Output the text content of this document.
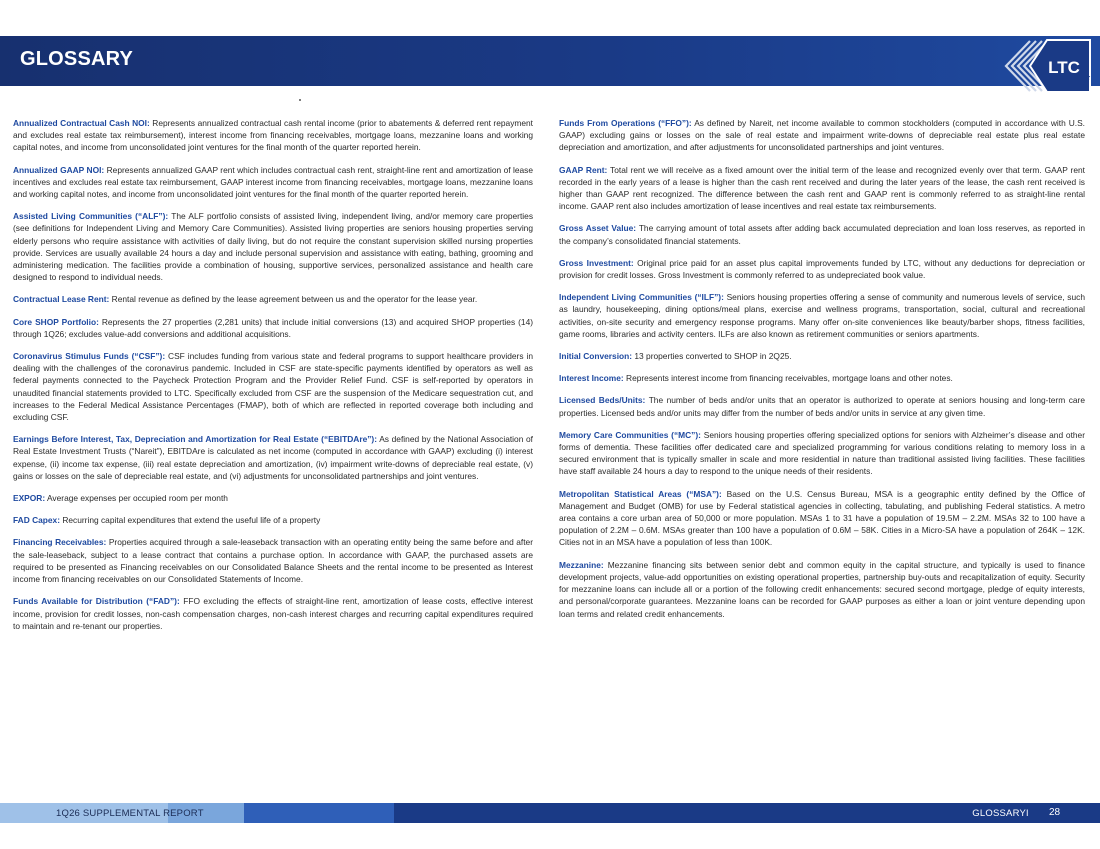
GLOSSARY	LTC
REIT
Annualized Contractual Cash NOI: Represents annualized contractual cash rental income (prior to abatements & deferred rent repayment and excludes real estate tax reimbursement), interest income from financing receivables, mortgage loans, mezzanine loans and working capital notes, and income from unconsolidated joint ventures for the final month of the quarter reported herein.
Annualized GAAP NOI: Represents annualized GAAP rent which includes contractual cash rent, straight-line rent and amortization of lease incentives and excludes real estate tax reimbursement, GAAP interest income from financing receivables, mortgage loans, mezzanine loans and working capital notes, and income from unconsolidated joint ventures for the final month of the quarter reported herein.
Assisted Living Communities (“ALF”): The ALF portfolio consists of assisted living, independent living, and/or memory care properties (see definitions for Independent Living and Memory Care Communities). Assisted living properties are seniors housing properties serving elderly persons who require assistance with activities of daily living, but do not require the constant supervision skilled nursing properties provide. Services are usually available 24 hours a day and include personal supervision and assistance with eating, bathing, grooming and administering medication. The facilities provide a combination of housing, supportive services, personalized assistance and health care designed to respond to individual needs.
Contractual Lease Rent: Rental revenue as defined by the lease agreement between us and the operator for the lease year.
Core SHOP Portfolio: Represents the 27 properties (2,281 units) that include initial conversions (13) and acquired SHOP properties (14) through 1Q26; excludes value-add conversions and additional acquisitions.
Coronavirus Stimulus Funds (“CSF”): CSF includes funding from various state and federal programs to support healthcare providers in dealing with the challenges of the coronavirus pandemic. Included in CSF are state-specific payments identified by operators as well as federal payments connected to the Paycheck Protection Program and the Provider Relief Fund. CSF is self-reported by operators in unaudited financial statements provided to LTC. Specifically excluded from CSF are the suspension of the Medicare sequestration cut, and increases to the Federal Medical Assistance Percentages (FMAP), both of which are reflected in reported coverage both including and excluding CSF.
Earnings Before Interest, Tax, Depreciation and Amortization for Real Estate (“EBITDAre”): As defined by the National Association of Real Estate Investment Trusts (“Nareit”), EBITDAre is calculated as net income (computed in accordance with GAAP) excluding (i) interest expense, (ii) income tax expense, (iii) real estate depreciation and amortization, (iv) impairment write-downs of depreciable real estate, (v) gains or losses on the sale of depreciable real estate, and (vi) adjustments for unconsolidated partnerships and joint ventures.
EXPOR: Average expenses per occupied room per month
FAD Capex: Recurring capital expenditures that extend the useful life of a property
Financing Receivables: Properties acquired through a sale-leaseback transaction with an operating entity being the same before and after the sale-leaseback, subject to a lease contract that contains a purchase option. In accordance with GAAP, the purchased assets are required to be presented as Financing receivables on our Consolidated Balance Sheets and the rental income to be presented as Interest income from financing receivables on our Consolidated Statements of Income.
Funds Available for Distribution (“FAD”): FFO excluding the effects of straight-line rent, amortization of lease costs, effective interest income, provision for credit losses, non-cash compensation charges, non-cash interest charges and recurring capital expenditures required to maintain and re-tenant our properties.
Funds From Operations (“FFO”): As defined by Nareit, net income available to common stockholders (computed in accordance with U.S. GAAP) excluding gains or losses on the sale of real estate and impairment write-downs of depreciable real estate plus real estate depreciation and amortization, and after adjustments for unconsolidated partnerships and joint ventures.
GAAP Rent: Total rent we will receive as a fixed amount over the initial term of the lease and recognized evenly over that term. GAAP rent recorded in the early years of a lease is higher than the cash rent received and during the later years of the lease, the cash rent received is higher than GAAP rent recognized. The difference between the cash rent and GAAP rent is commonly referred to as straight-line rental income. GAAP rent also includes amortization of lease incentives and real estate tax reimbursements.
Gross Asset Value: The carrying amount of total assets after adding back accumulated depreciation and loan loss reserves, as reported in the company’s consolidated financial statements.
Gross Investment: Original price paid for an asset plus capital improvements funded by LTC, without any deductions for depreciation or provision for credit losses. Gross Investment is commonly referred to as undepreciated book value.
Independent Living Communities (“ILF”): Seniors housing properties offering a sense of community and numerous levels of service, such as laundry, housekeeping, dining options/meal plans, exercise and wellness programs, transportation, social, cultural and recreational activities, on-site security and emergency response programs. Many offer on-site conveniences like beauty/barber shops, fitness facilities, game rooms, libraries and activity centers. ILFs are also known as retirement communities or seniors apartments.
Initial Conversion: 13 properties converted to SHOP in 2Q25.
Interest Income: Represents interest income from financing receivables, mortgage loans and other notes.
Licensed Beds/Units: The number of beds and/or units that an operator is authorized to operate at seniors housing and long-term care properties. Licensed beds and/or units may differ from the number of beds and/or units in service at any given time.
Memory Care Communities (“MC”): Seniors housing properties offering specialized options for seniors with Alzheimer’s disease and other forms of dementia. These facilities offer dedicated care and specialized programming for various conditions relating to memory loss in a secured environment that is typically smaller in scale and more residential in nature than traditional assisted living facilities. These facilities have staff available 24 hours a day to respond to the unique needs of their residents.
Metropolitan Statistical Areas (“MSA”): Based on the U.S. Census Bureau, MSA is a geographic entity defined by the Office of Management and Budget (OMB) for use by Federal statistical agencies in collecting, tabulating, and publishing Federal statistics. A metro area contains a core urban area of 50,000 or more population. MSAs 1 to 31 have a population of 19.5M – 2.2M. MSAs 32 to 100 have a population of 2.2M – 0.6M. MSAs greater than 100 have a population of 0.6M – 58K. Cities in a Micro-SA have a population of 264K – 12K. Cities not in an MSA have a population of less than 100K.
Mezzanine: Mezzanine financing sits between senior debt and common equity in the capital structure, and typically is used to finance development projects, value-add opportunities on existing operational properties, partnership buy-outs and recapitalization of equity. Security for mezzanine loans can include all or a portion of the following credit enhancements: secured second mortgage, pledge of equity interests, and personal/corporate guarantees. Mezzanine loans can be recorded for GAAP purposes as either a loan or joint venture depending upon loan terms and related credit enhancements.
1Q26 SUPPLEMENTAL REPORT	GLOSSARY I 28
